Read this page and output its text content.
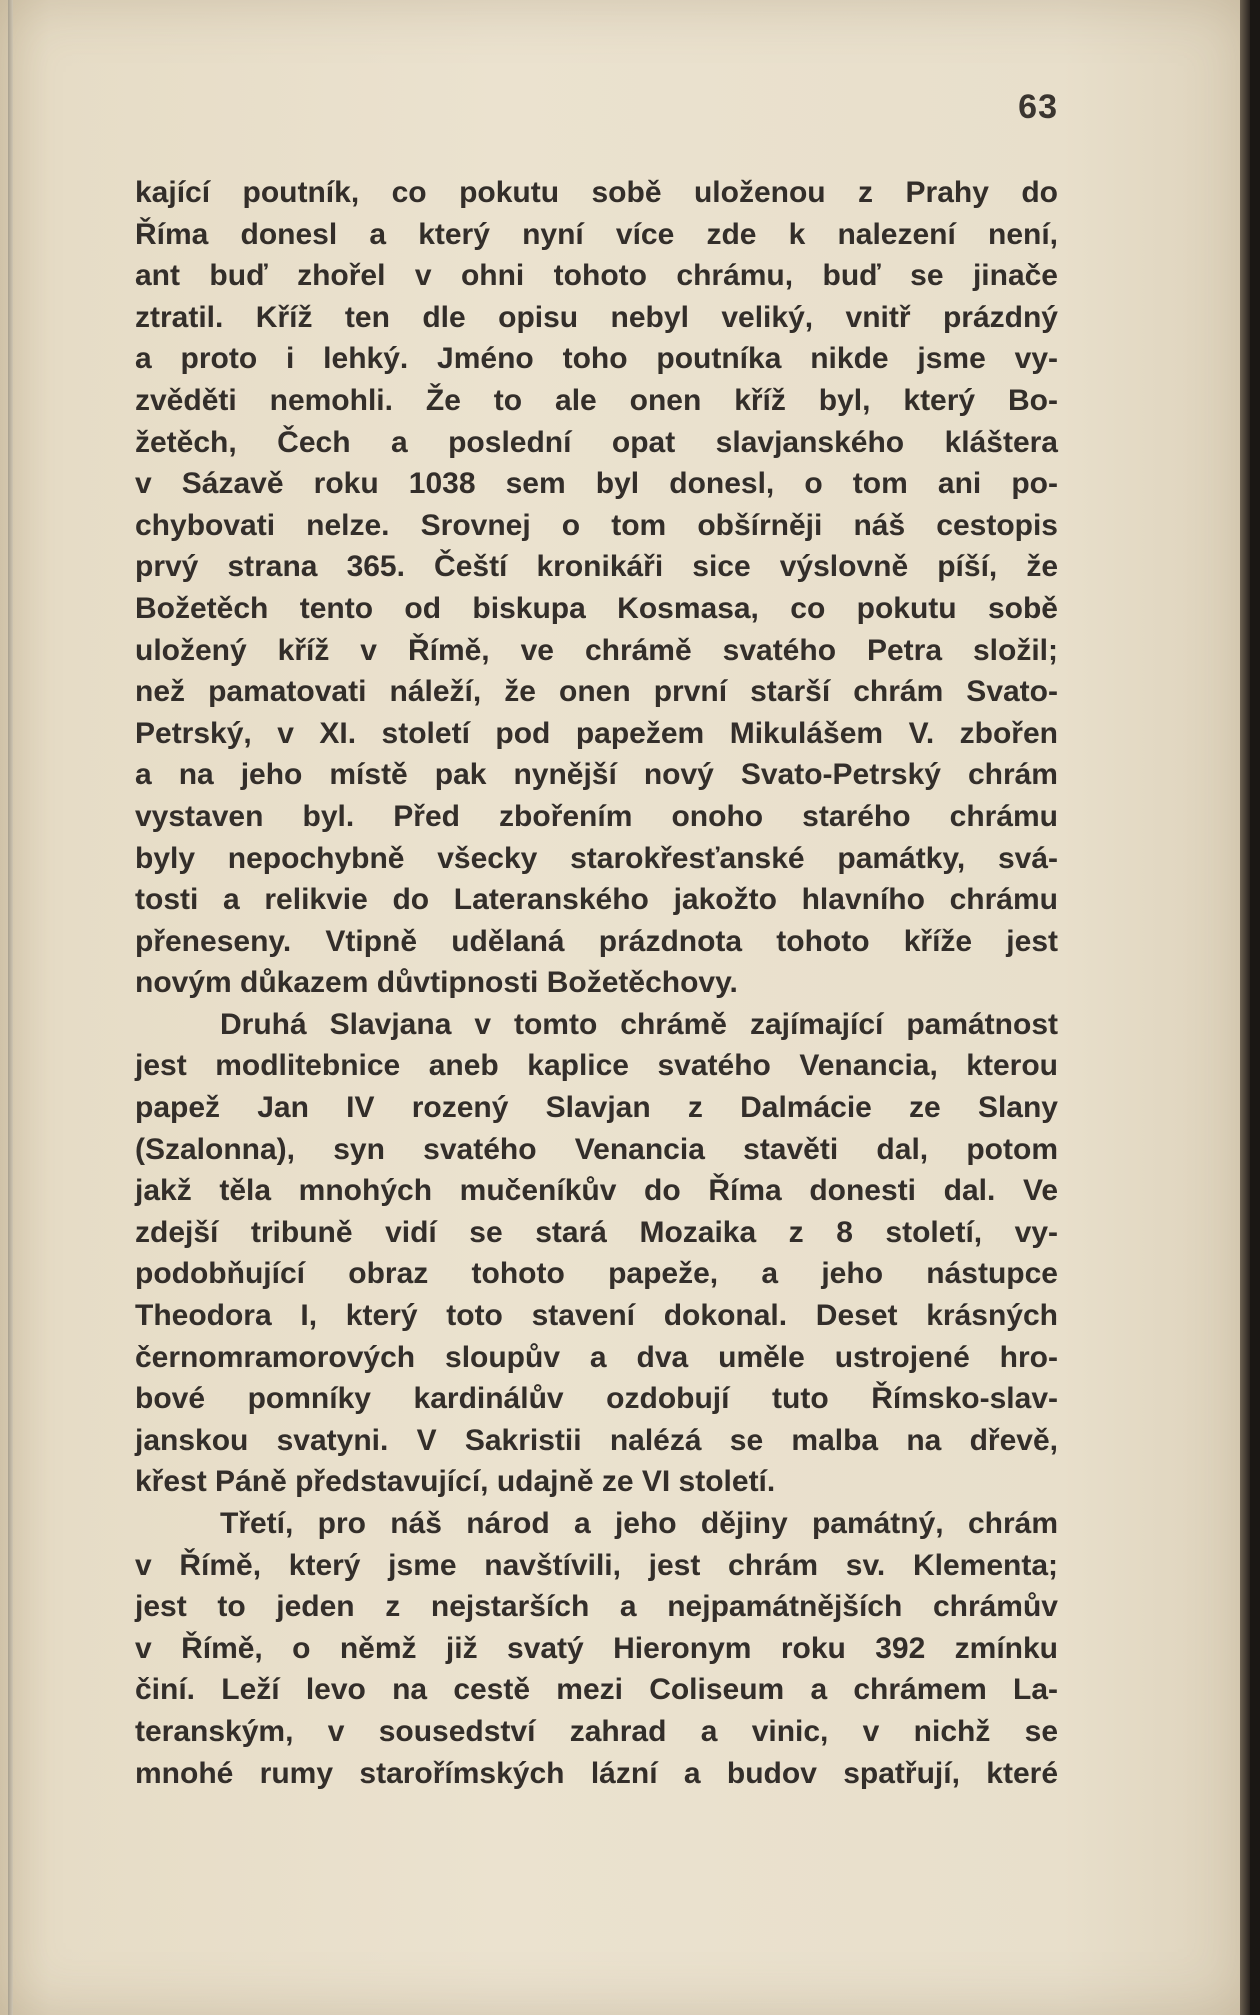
63
kající poutník, co pokutu sobě uloženou z Prahy do
Říma donesl a který nyní více zde k nalezení není,
ant buď zhořel v ohni tohoto chrámu, buď se jinače
ztratil. Kříž ten dle opisu nebyl veliký, vnitř prázdný
a proto i lehký. Jméno toho poutníka nikde jsme vy-
zvěděti nemohli. Že to ale onen kříž byl, který Bo-
žetěch, Čech a poslední opat slavjanského kláštera
v Sázavě roku 1038 sem byl donesl, o tom ani po-
chybovati nelze. Srovnej o tom obšírněji náš cestopis
prvý strana 365. Čeští kronikáři sice výslovně píší, že
Božetěch tento od biskupa Kosmasa, co pokutu sobě
uložený kříž v Římě, ve chrámě svatého Petra složil;
než pamatovati náleží, že onen první starší chrám Svato-
Petrský, v XI. století pod papežem Mikulášem V. zbořen
a na jeho místě pak nynější nový Svato-Petrský chrám
vystaven byl. Před zbořením onoho starého chrámu
byly nepochybně všecky starokřesťanské památky, svá-
tosti a relikvie do Lateranského jakožto hlavního chrámu
přeneseny. Vtipně udělaná prázdnota tohoto kříže jest
novým důkazem důvtipnosti Božetěchovy.
Druhá Slavjana v tomto chrámě zajímající památnost
jest modlitebnice aneb kaplice svatého Venancia, kterou
papež Jan IV rozený Slavjan z Dalmácie ze Slany
(Szalonna), syn svatého Venancia stavěti dal, potom
jakž těla mnohých mučeníkův do Říma donesti dal. Ve
zdejší tribuně vidí se stará Mozaika z 8 století, vy-
podobňující obraz tohoto papeže, a jeho nástupce
Theodora I, který toto stavení dokonal. Deset krásných
černomramorových sloupův a dva uměle ustrojené hro-
bové pomníky kardinálův ozdobují tuto Římsko-slav-
janskou svatyni. V Sakristii nalézá se malba na dřevě,
křest Páně představující, udajně ze VI století.
Třetí, pro náš národ a jeho dějiny památný, chrám
v Římě, který jsme navštívili, jest chrám sv. Klementa;
jest to jeden z nejstarších a nejpamátnějších chrámův
v Římě, o němž již svatý Hieronym roku 392 zmínku
činí. Leží levo na cestě mezi Coliseum a chrámem La-
teranským, v sousedství zahrad a vinic, v nichž se
mnohé rumy starořímských lázní a budov spatřují, které
